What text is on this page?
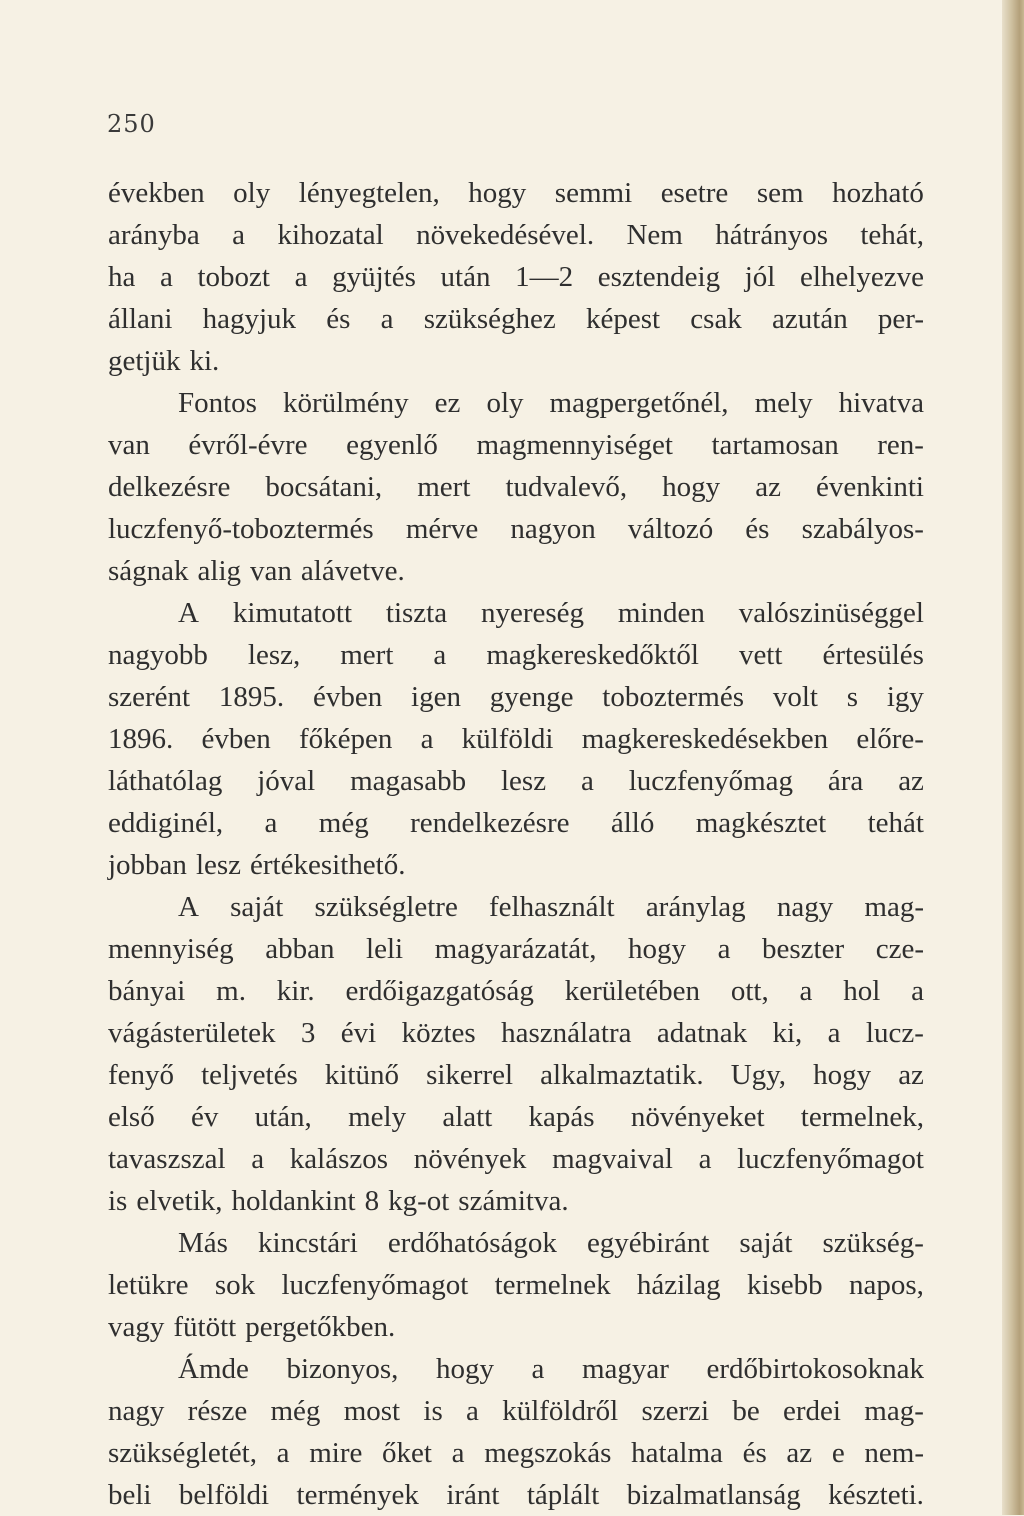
250
években oly lényegtelen, hogy semmi esetre sem hozható
arányba a kihozatal növekedésével. Nem hátrányos tehát,
ha a tobozt a gyüjtés után 1—2 esztendeig jól elhelyezve
állani hagyjuk és a szükséghez képest csak azután per-
getjük ki.
Fontos körülmény ez oly magpergetőnél, mely hivatva
van évről-évre egyenlő magmennyiséget tartamosan ren-
delkezésre bocsátani, mert tudvalevő, hogy az évenkinti
luczfenyő-toboztermés mérve nagyon változó és szabályos-
ságnak alig van alávetve.
A kimutatott tiszta nyereség minden valószinüséggel
nagyobb lesz, mert a magkereskedőktől vett értesülés
szerént 1895. évben igen gyenge toboztermés volt s igy
1896. évben főképen a külföldi magkereskedésekben előre-
láthatólag jóval magasabb lesz a luczfenyőmag ára az
eddiginél, a még rendelkezésre álló magkésztet tehát
jobban lesz értékesithető.
A saját szükségletre felhasznált aránylag nagy mag-
mennyiség abban leli magyarázatát, hogy a beszter cze-
bányai m. kir. erdőigazgatóság kerületében ott, a hol a
vágásterületek 3 évi köztes használatra adatnak ki, a lucz-
fenyő teljvetés kitünő sikerrel alkalmaztatik. Ugy, hogy az
első év után, mely alatt kapás növényeket termelnek,
tavaszszal a kalászos növények magvaival a luczfenyőmagot
is elvetik, holdankint 8 kg-ot számitva.
Más kincstári erdőhatóságok egyébiránt saját szükség-
letükre sok luczfenyőmagot termelnek házilag kisebb napos,
vagy fütött pergetőkben.
Ámde bizonyos, hogy a magyar erdőbirtokosoknak
nagy része még most is a külföldről szerzi be erdei mag-
szükségletét, a mire őket a megszokás hatalma és az e nem-
beli belföldi termények iránt táplált bizalmatlanság készteti.
